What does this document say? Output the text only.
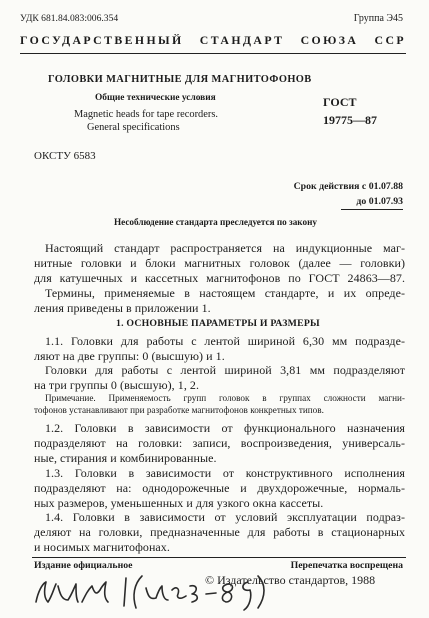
УДК 681.84.083:006.354	Группа Э45
ГОСУДАРСТВЕННЫЙ СТАНДАРТ СОЮЗА ССР
ГОЛОВКИ МАГНИТНЫЕ ДЛЯ МАГНИТОФОНОВ
Общие технические условия
Magnetic heads for tape recorders.
General specifications
ГОСТ
19775—87
ОКСТУ 6583
Срок действия с 01.07.88
до 01.07.93
Несоблюдение стандарта преследуется по закону
Настоящий стандарт распространяется на индукционные маг-
нитные головки и блоки магнитных головок (далее — головки)
для катушечных и кассетных магнитофонов по ГОСТ 24863—87.
Термины, применяемые в настоящем стандарте, и их опреде-
ления приведены в приложении 1.
1. ОСНОВНЫЕ ПАРАМЕТРЫ И РАЗМЕРЫ
1.1. Головки для работы с лентой шириной 6,30 мм подразде-
ляют на две группы: 0 (высшую) и 1.
Головки для работы с лентой шириной 3,81 мм подразделяют
на три группы 0 (высшую), 1, 2.
Примечание. Применяемость групп головок в группах сложности магни-
тофонов устанавливают при разработке магнитофонов конкретных типов.
1.2. Головки в зависимости от функционального назначения
подразделяют на головки: записи, воспроизведения, универсаль-
ные, стирания и комбинированные.
1.3. Головки в зависимости от конструктивного исполнения
подразделяют на: однодорожечные и двухдорожечные, нормаль-
ных размеров, уменьшенных и для узкого окна кассеты.
1.4. Головки в зависимости от условий эксплуатации подраз-
деляют на головки, предназначенные для работы в стационарных
и носимых магнитофонах.
Издание официальное	Перепечатка воспрещена
© Издательство стандартов, 1988
